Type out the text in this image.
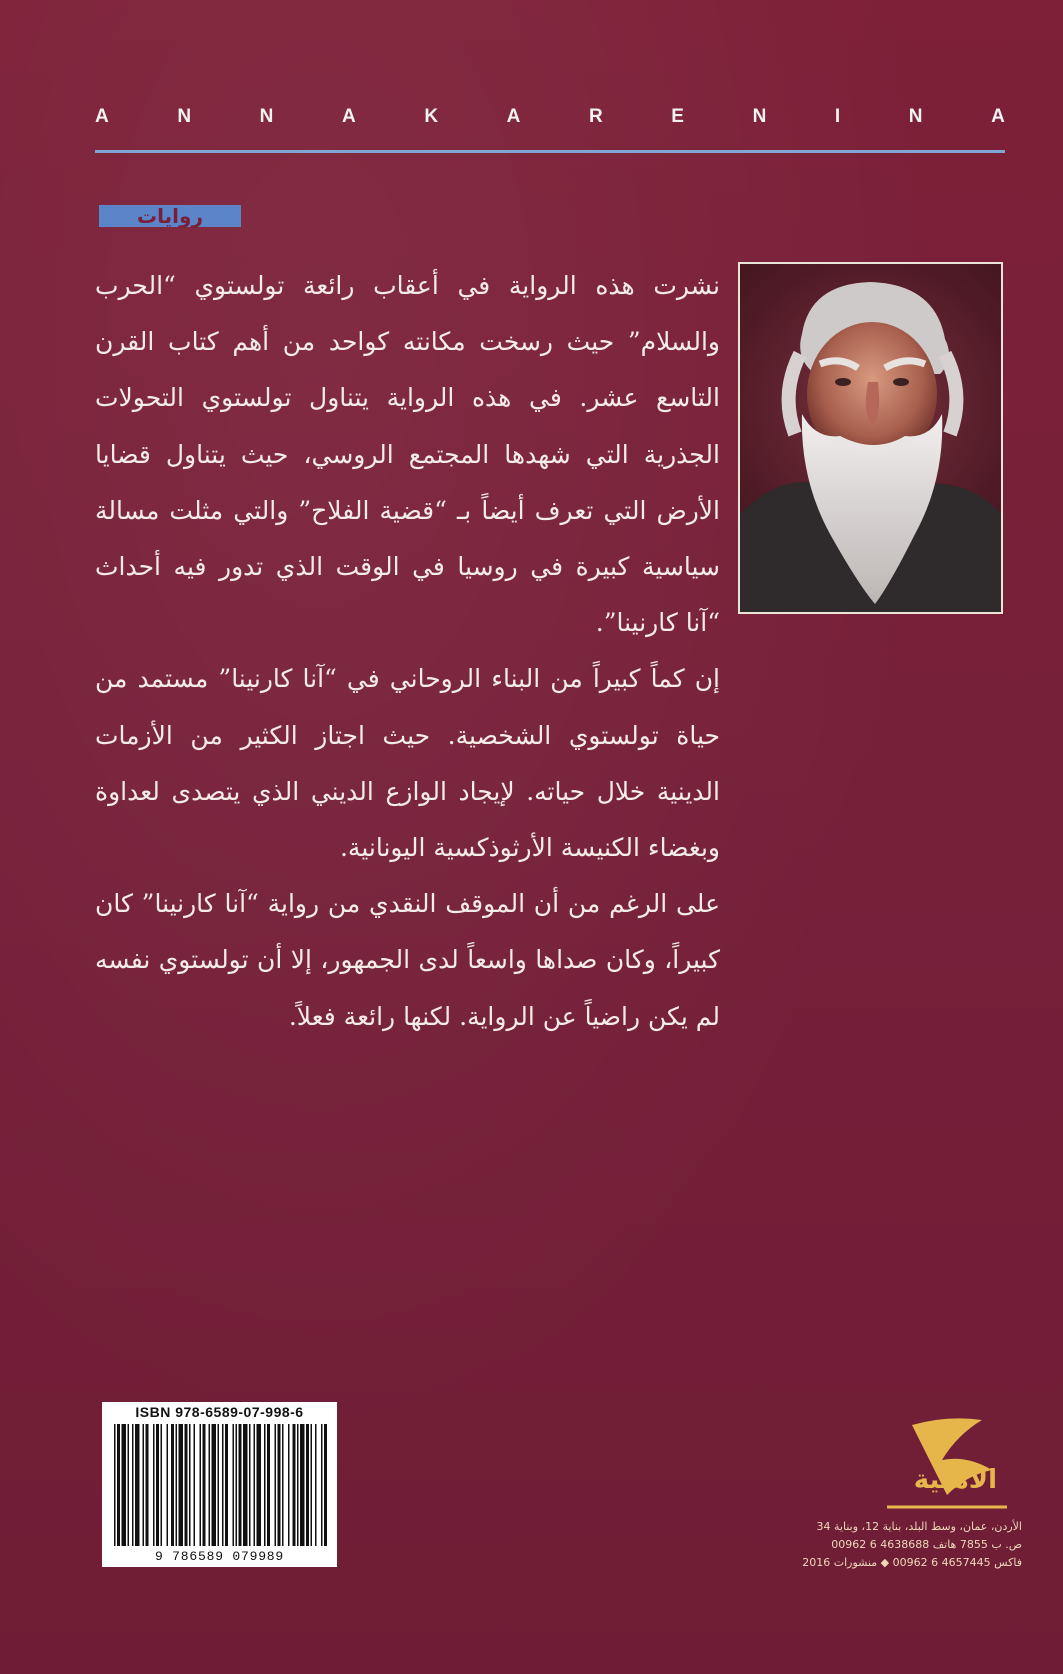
A	N	N	A	K	A	R	E	N	I	N	A
روايات

نشرت هذه الرواية في أعقاب رائعة تولستوي “الحرب والسلام” حيث رسخت مكانته كواحد من أهم كتاب القرن التاسع عشر. في هذه الرواية يتناول تولستوي التحولات الجذرية التي شهدها المجتمع الروسي، حيث يتناول قضايا الأرض التي تعرف أيضاً بـ “قضية الفلاح” والتي مثلت مسالة سياسية كبيرة في روسيا في الوقت الذي تدور فيه أحداث “آنا كارنينا”.

إن كماً كبيراً من البناء الروحاني في “آنا كارنينا” مستمد من حياة تولستوي الشخصية. حيث اجتاز الكثير من الأزمات الدينية خلال حياته. لإيجاد الوازع الديني الذي يتصدى لعداوة وبغضاء الكنيسة الأرثوذكسية اليونانية.

على الرغم من أن الموقف النقدي من رواية “آنا كارنينا” كان كبيراً، وكان صداها واسعاً لدى الجمهور، إلا أن تولستوي نفسه لم يكن راضياً عن الرواية. لكنها رائعة فعلاً.

ISBN 978-6589-07-998-6
9 786589 079989
الأهلية
الأردن، عمان، وسط البلد، بناية 12، وبناية 34
ص. ب 7855 هاتف 4638688 6 00962
فاكس 4657445 6 00962 ◆ منشورات 2016
